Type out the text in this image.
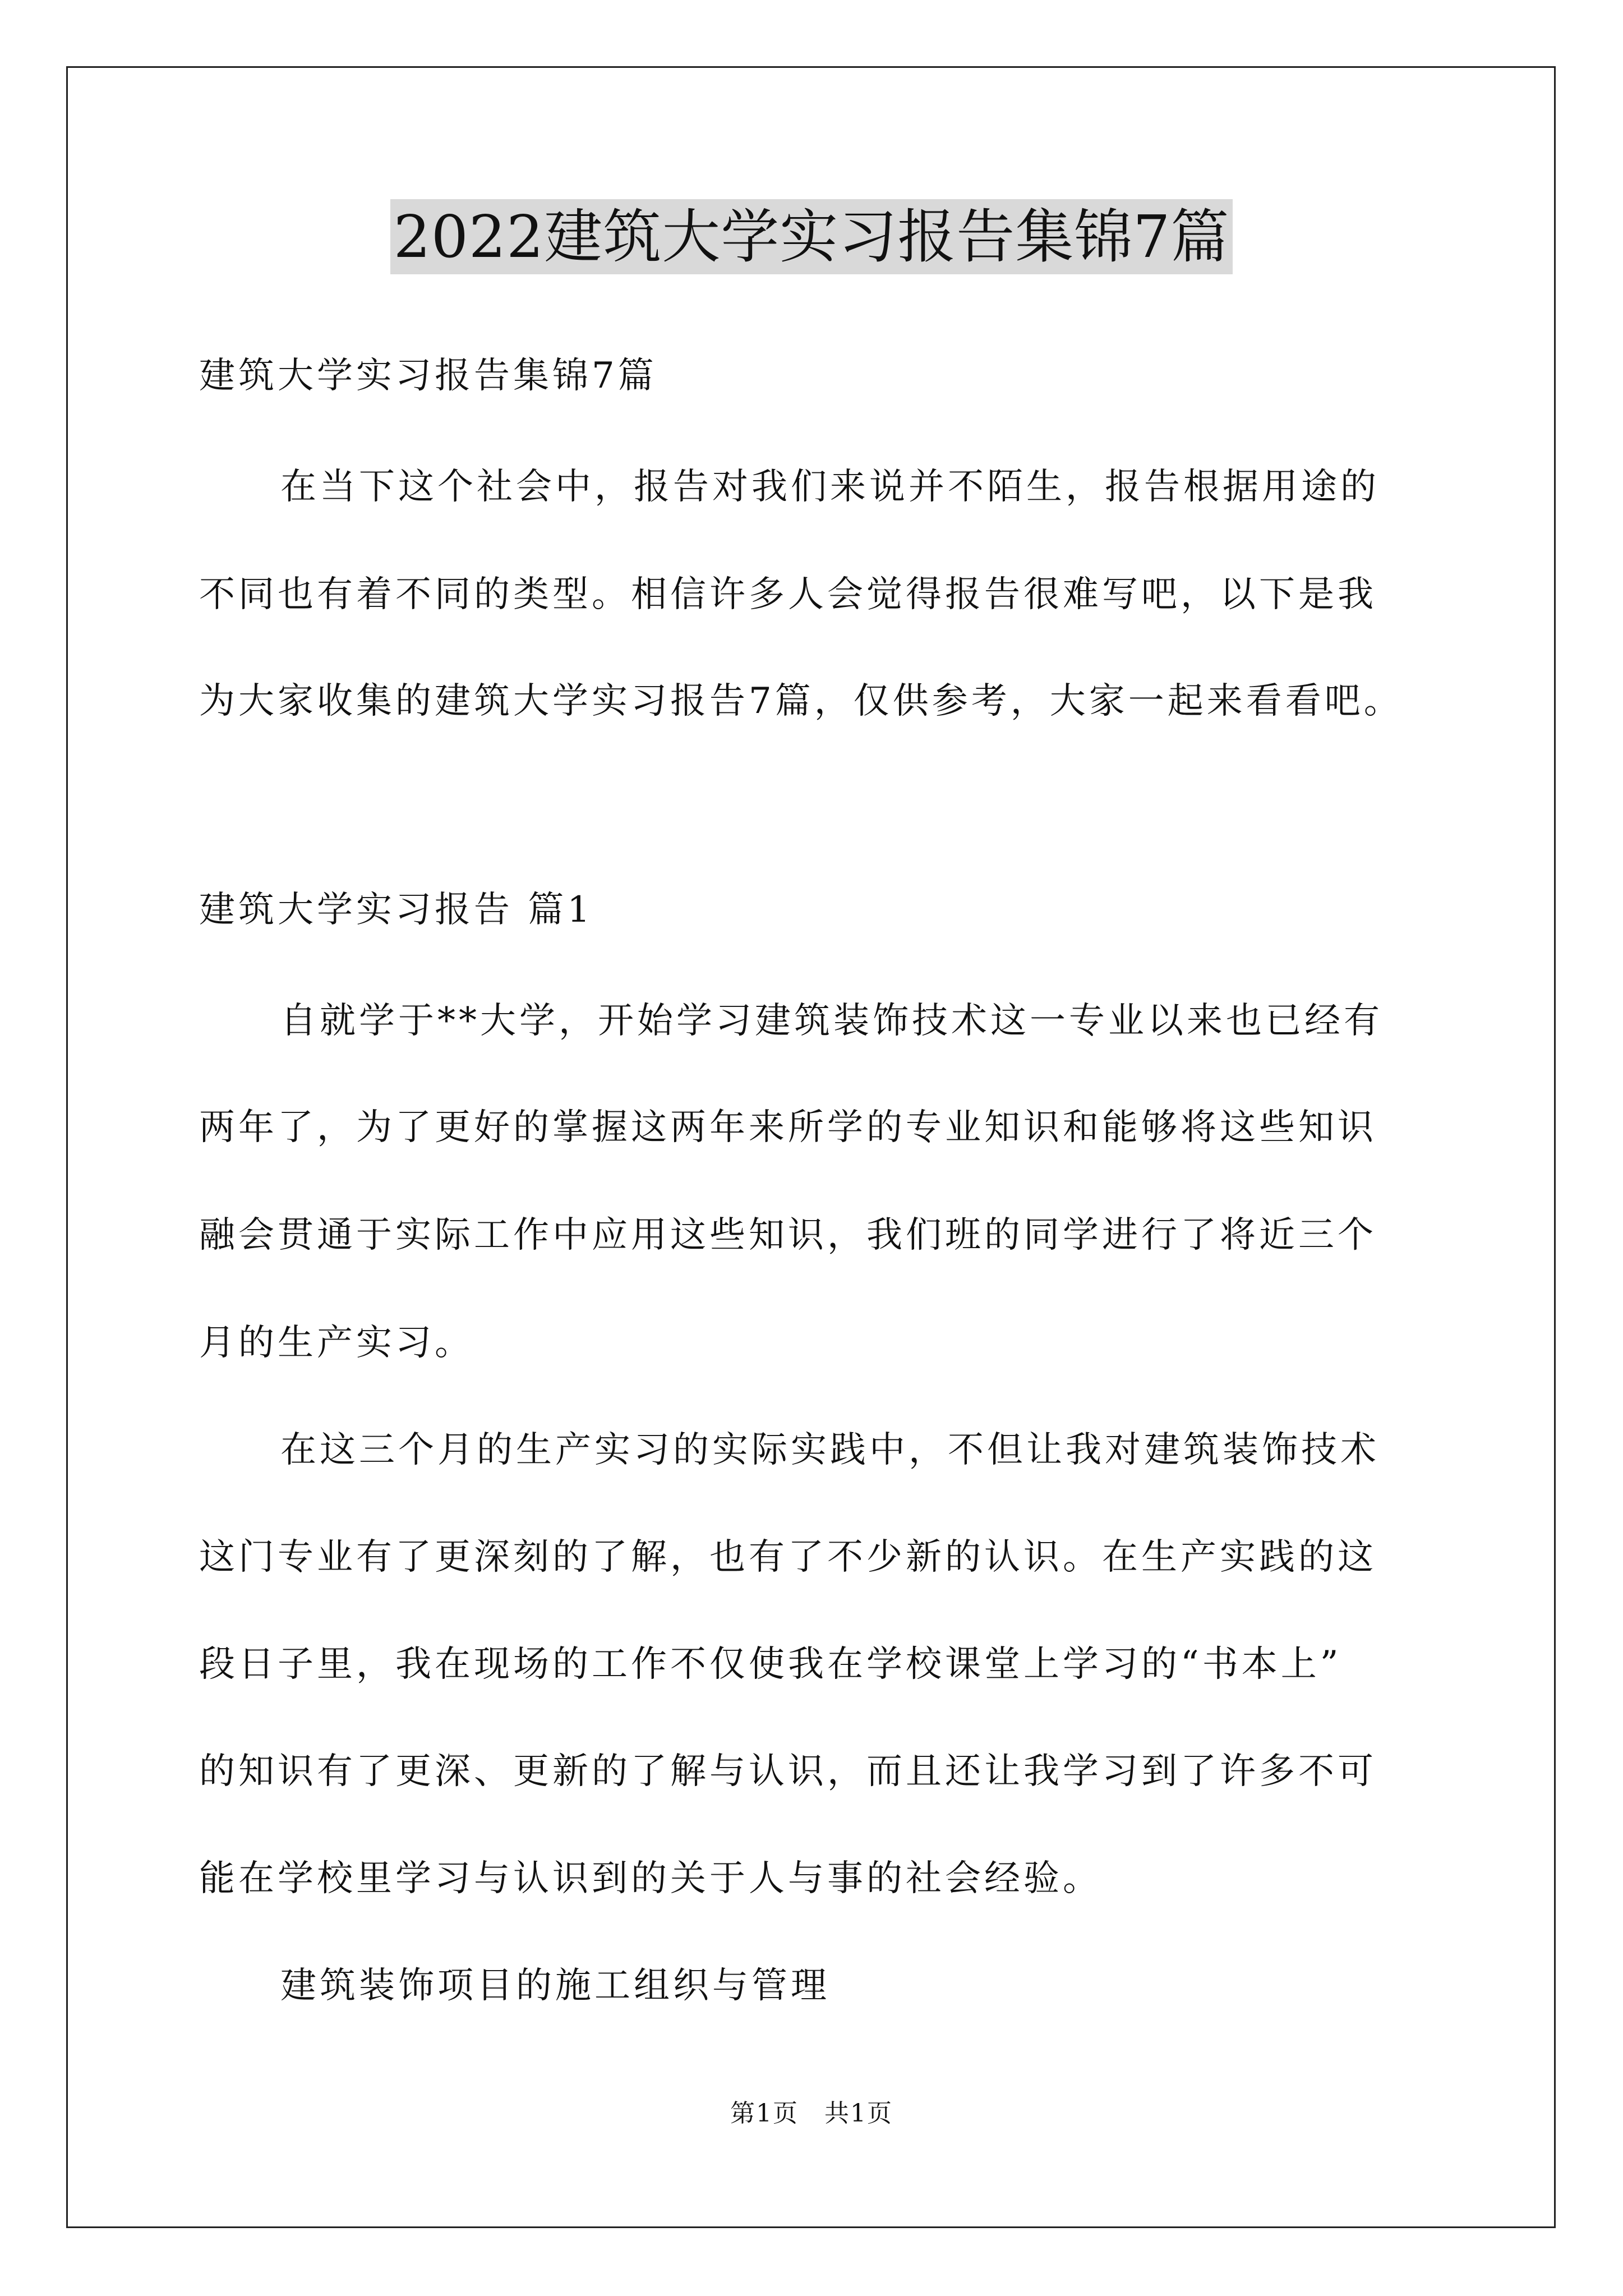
2022建筑大学实习报告集锦7篇
建筑大学实习报告集锦7篇
在当下这个社会中，报告对我们来说并不陌生，报告根据用途的
不同也有着不同的类型。相信许多人会觉得报告很难写吧，以下是我
为大家收集的建筑大学实习报告7篇，仅供参考，大家一起来看看吧。
建筑大学实习报告 篇1
自就学于**大学，开始学习建筑装饰技术这一专业以来也已经有
两年了，为了更好的掌握这两年来所学的专业知识和能够将这些知识
融会贯通于实际工作中应用这些知识，我们班的同学进行了将近三个
月的生产实习。
在这三个月的生产实习的实际实践中，不但让我对建筑装饰技术
这门专业有了更深刻的了解，也有了不少新的认识。在生产实践的这
段日子里，我在现场的工作不仅使我在学校课堂上学习的“书本上”
的知识有了更深、更新的了解与认识，而且还让我学习到了许多不可
能在学校里学习与认识到的关于人与事的社会经验。
建筑装饰项目的施工组织与管理
第1页　共1页
